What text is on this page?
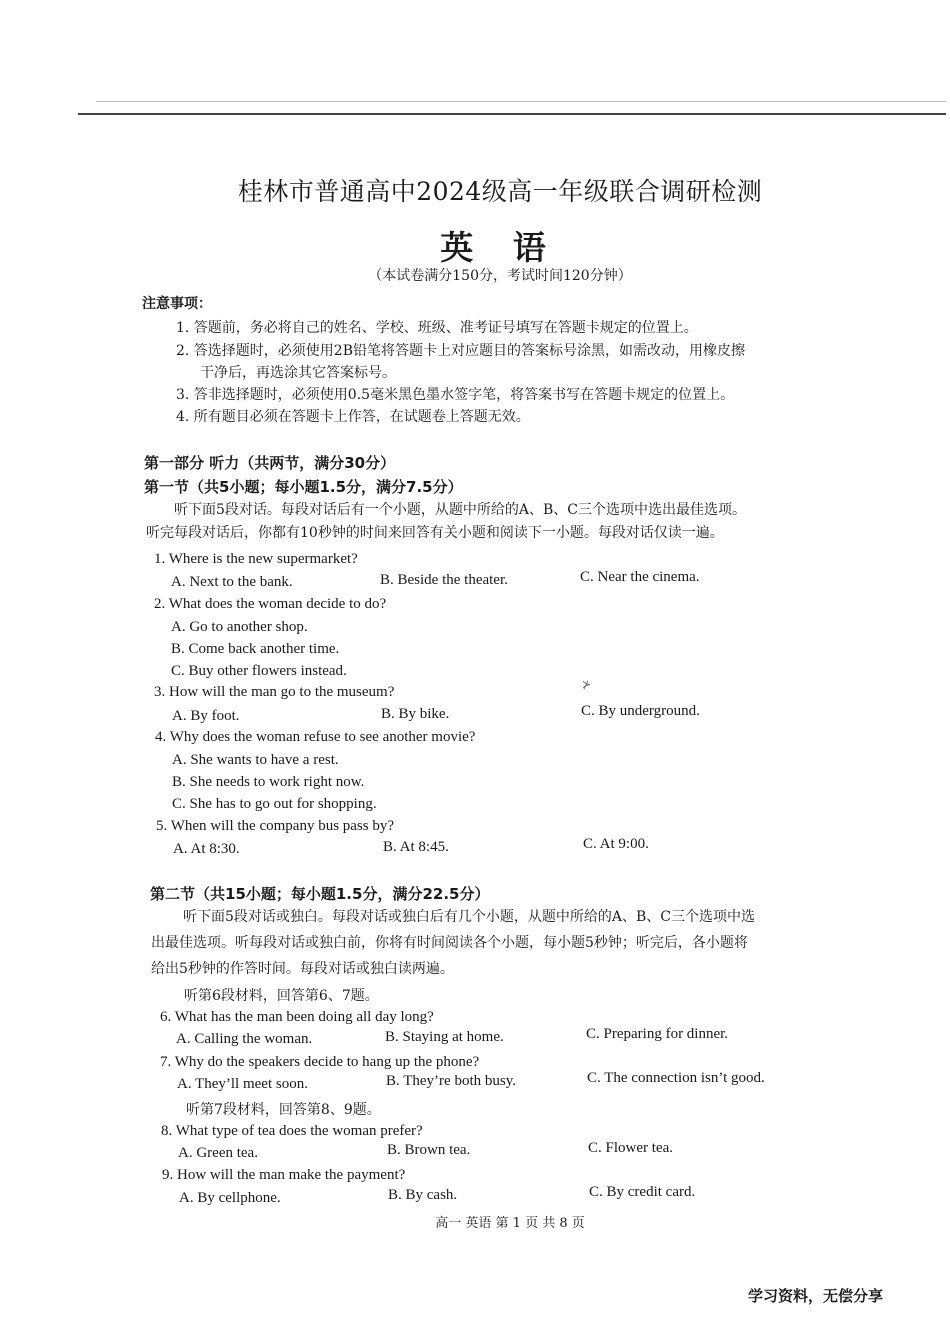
桂林市普通高中2024级高一年级联合调研检测
英 语
（本试卷满分150分，考试时间120分钟）
注意事项：
1. 答题前，务必将自己的姓名、学校、班级、准考证号填写在答题卡规定的位置上。
2. 答选择题时，必须使用2B铅笔将答题卡上对应题目的答案标号涂黑，如需改动，用橡皮擦
干净后，再选涂其它答案标号。
3. 答非选择题时，必须使用0.5毫米黑色墨水签字笔，将答案书写在答题卡规定的位置上。
4. 所有题目必须在答题卡上作答，在试题卷上答题无效。
第一部分 听力（共两节，满分30分）
第一节（共5小题；每小题1.5分，满分7.5分）
听下面5段对话。每段对话后有一个小题，从题中所给的A、B、C三个选项中选出最佳选项。
听完每段对话后，你都有10秒钟的时间来回答有关小题和阅读下一小题。每段对话仅读一遍。
1. Where is the new supermarket?
A. Next to the bank.	B. Beside the theater.	C. Near the cinema.
2. What does the woman decide to do?
A. Go to another shop.
B. Come back another time.
C. Buy other flowers instead.
3. How will the man go to the museum?
A. By foot.	B. By bike.	C. By underground.
4. Why does the woman refuse to see another movie?
A. She wants to have a rest.
B. She needs to work right now.
C. She has to go out for shopping.
5. When will the company bus pass by?
A. At 8:30.	B. At 8:45.	C. At 9:00.
第二节（共15小题；每小题1.5分，满分22.5分）
听下面5段对话或独白。每段对话或独白后有几个小题，从题中所给的A、B、C三个选项中选
出最佳选项。听每段对话或独白前，你将有时间阅读各个小题，每小题5秒钟；听完后，各小题将
给出5秒钟的作答时间。每段对话或独白读两遍。
听第6段材料，回答第6、7题。
6. What has the man been doing all day long?
A. Calling the woman.	B. Staying at home.	C. Preparing for dinner.
7. Why do the speakers decide to hang up the phone?
A. They’ll meet soon.	B. They’re both busy.	C. The connection isn’t good.
听第7段材料，回答第8、9题。
8. What type of tea does the woman prefer?
A. Green tea.	B. Brown tea.	C. Flower tea.
9. How will the man make the payment?
A. By cellphone.	B. By cash.	C. By credit card.
⊁
高一 英语 第 1 页 共 8 页
学习资料，无偿分享
